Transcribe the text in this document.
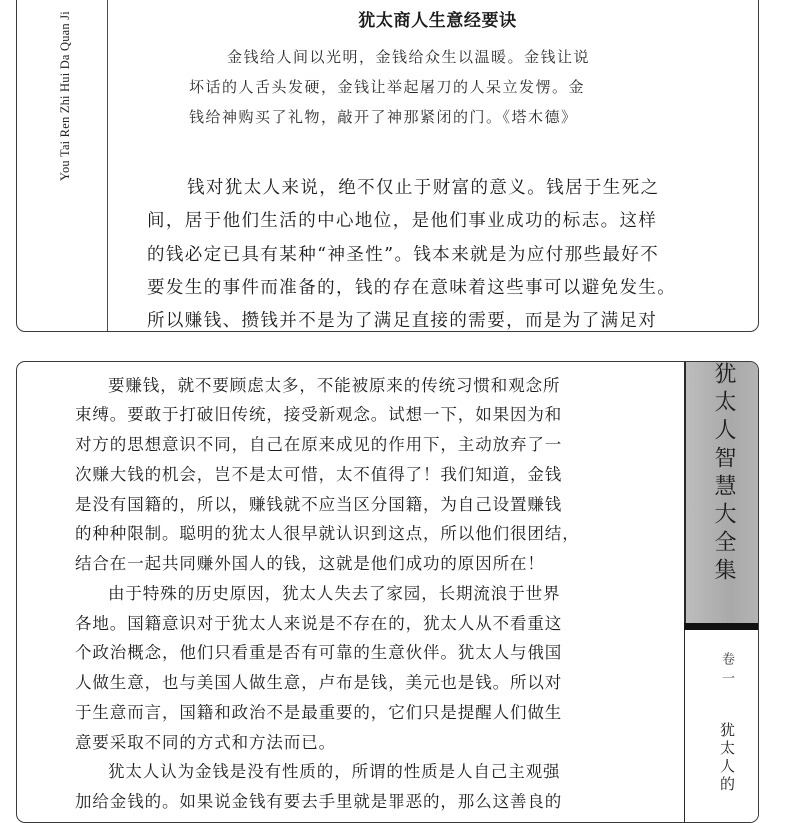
You Tai Ren Zhi Hui Da Quan Ji	犹太商人生意经要诀
金钱给人间以光明，金钱给众生以温暖。金钱让说
坏话的人舌头发硬，金钱让举起屠刀的人呆立发愣。金
钱给神购买了礼物，敲开了神那紧闭的门。《塔木德》
钱对犹太人来说，绝不仅止于财富的意义。钱居于生死之
间，居于他们生活的中心地位，是他们事业成功的标志。这样
的钱必定已具有某种“神圣性”。钱本来就是为应付那些最好不
要发生的事件而准备的，钱的存在意味着这些事可以避免发生。
所以赚钱、攒钱并不是为了满足直接的需要，而是为了满足对
要赚钱，就不要顾虑太多，不能被原来的传统习惯和观念所
束缚。要敢于打破旧传统，接受新观念。试想一下，如果因为和
对方的思想意识不同，自己在原来成见的作用下，主动放弃了一
次赚大钱的机会，岂不是太可惜，太不值得了！我们知道，金钱
是没有国籍的，所以，赚钱就不应当区分国籍，为自己设置赚钱
的种种限制。聪明的犹太人很早就认识到这点，所以他们很团结，
结合在一起共同赚外国人的钱，这就是他们成功的原因所在！
由于特殊的历史原因，犹太人失去了家园，长期流浪于世界
各地。国籍意识对于犹太人来说是不存在的，犹太人从不看重这
个政治概念，他们只看重是否有可靠的生意伙伴。犹太人与俄国
人做生意，也与美国人做生意，卢布是钱，美元也是钱。所以对
于生意而言，国籍和政治不是最重要的，它们只是提醒人们做生
意要采取不同的方式和方法而已。
犹太人认为金钱是没有性质的，所谓的性质是人自己主观强
加给金钱的。如果说金钱有要去手里就是罪恶的，那么这善良的
犹太人智慧大全集
卷一
犹太人的
